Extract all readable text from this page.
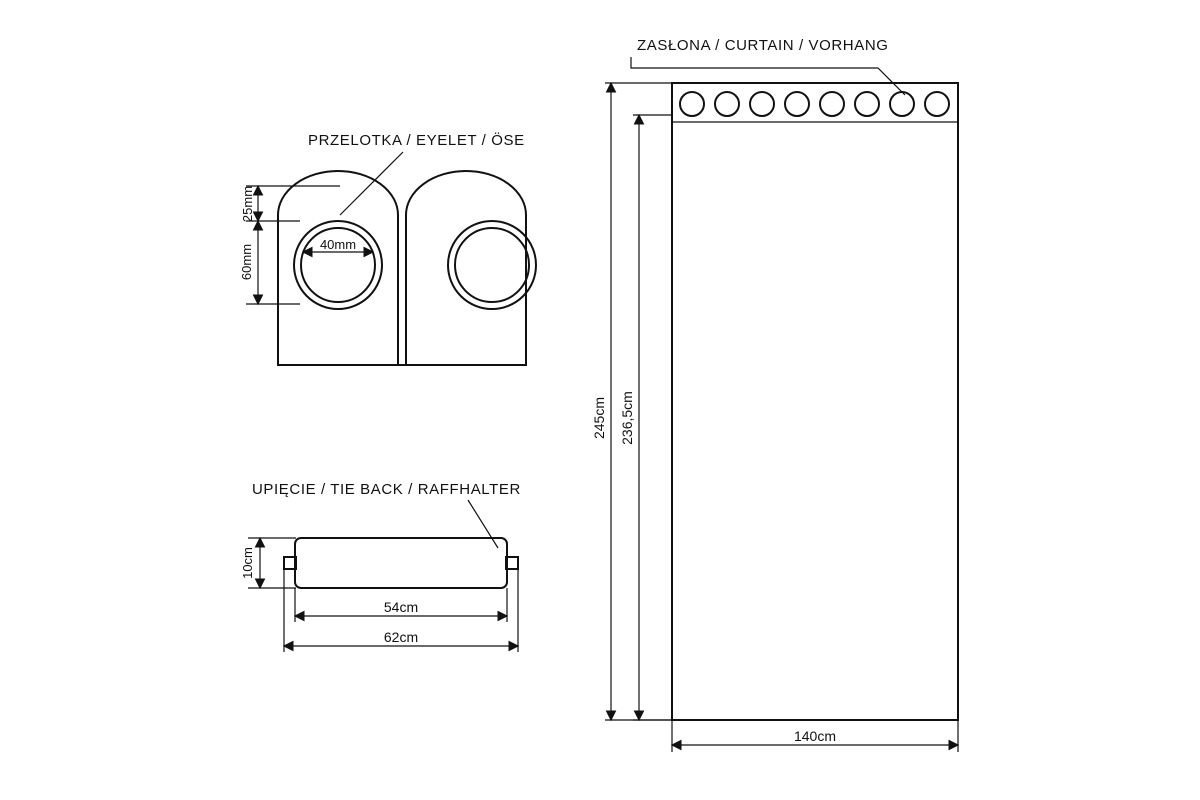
40mm
25mm
60mm
PRZELOTKA / EYELET / ÖSE
10cm
54cm
62cm
UPIĘCIE / TIE BACK / RAFFHALTER
245cm 236,5cm
140cm
ZASŁONA / CURTAIN / VORHANG
